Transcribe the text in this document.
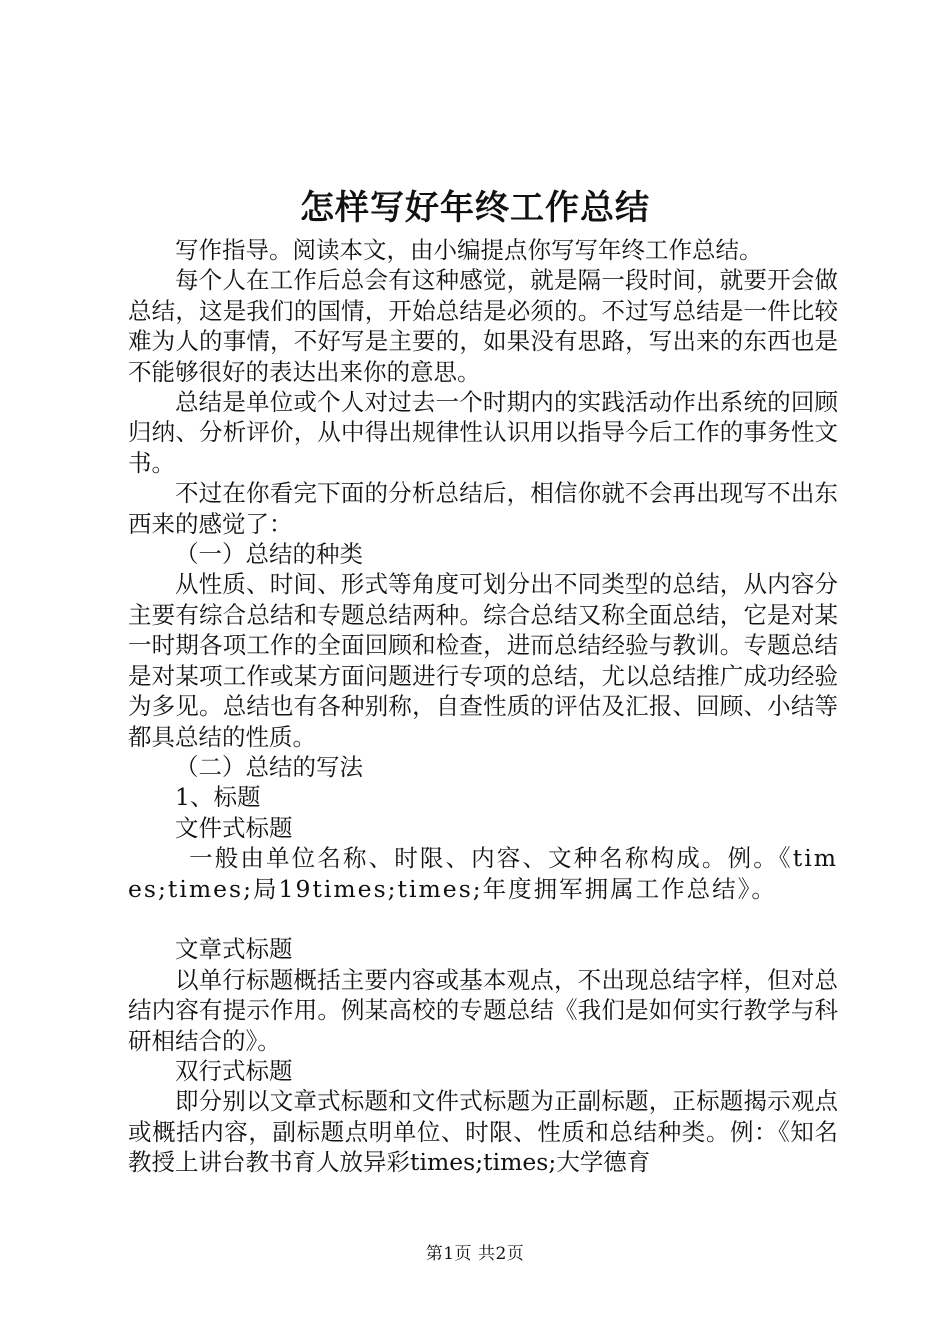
怎样写好年终工作总结

写作指导。阅读本文，由小编提点你写写年终工作总结。

每个人在工作后总会有这种感觉，就是隔一段时间，就要开会做总结，这是我们的国情，开始总结是必须的。不过写总结是一件比较难为人的事情，不好写是主要的，如果没有思路，写出来的东西也是不能够很好的表达出来你的意思。

总结是单位或个人对过去一个时期内的实践活动作出系统的回顾归纳、分析评价，从中得出规律性认识用以指导今后工作的事务性文书。

不过在你看完下面的分析总结后，相信你就不会再出现写不出东西来的感觉了：

（一）总结的种类

从性质、时间、形式等角度可划分出不同类型的总结，从内容分主要有综合总结和专题总结两种。综合总结又称全面总结，它是对某一时期各项工作的全面回顾和检查，进而总结经验与教训。专题总结是对某项工作或某方面问题进行专项的总结，尤以总结推广成功经验为多见。总结也有各种别称，自查性质的评估及汇报、回顾、小结等都具总结的性质。

（二）总结的写法

1、标题

文件式标题

一般由单位名称、时限、内容、文种名称构成。例。《times;times;局19times;times;年度拥军拥属工作总结》。

文章式标题

以单行标题概括主要内容或基本观点，不出现总结字样，但对总结内容有提示作用。例某高校的专题总结《我们是如何实行教学与科研相结合的》。

双行式标题

即分别以文章式标题和文件式标题为正副标题，正标题揭示观点或概括内容，副标题点明单位、时限、性质和总结种类。例：《知名教授上讲台教书育人放异彩times;times;大学德育

第1页 共2页
